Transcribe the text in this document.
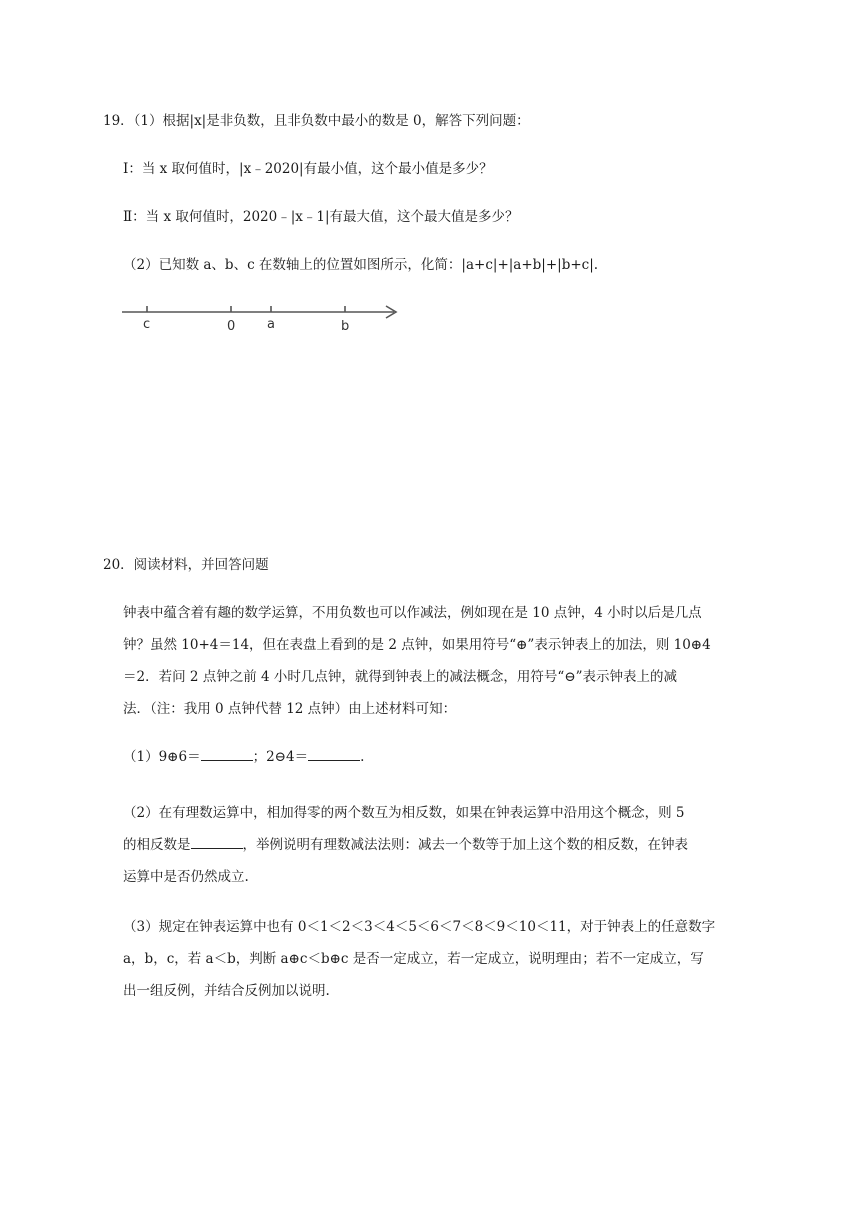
19．（1）根据|x|是非负数，且非负数中最小的数是 0，解答下列问题：
Ⅰ：当 x 取何值时，|x﹣2020|有最小值，这个最小值是多少？
Ⅱ：当 x 取何值时，2020﹣|x﹣1|有最大值，这个最大值是多少？
（2）已知数 a、b、c 在数轴上的位置如图所示，化简：|a+c|+|a+b|+|b+c|.
c	0 a	b
20．阅读材料，并回答问题
钟表中蕴含着有趣的数学运算，不用负数也可以作减法，例如现在是 10 点钟，4 小时以后是几点
钟？虽然 10+4＝14，但在表盘上看到的是 2 点钟，如果用符号“⊕”表示钟表上的加法，则 10⊕4
＝2．若问 2 点钟之前 4 小时几点钟，就得到钟表上的减法概念，用符号“⊖”表示钟表上的减
法．（注：我用 0 点钟代替 12 点钟）由上述材料可知：
（1）9⊕6＝	；2⊖4＝	.
（2）在有理数运算中，相加得零的两个数互为相反数，如果在钟表运算中沿用这个概念，则 5
的相反数是	，举例说明有理数减法法则：减去一个数等于加上这个数的相反数，在钟表
运算中是否仍然成立.
（3）规定在钟表运算中也有 0＜1＜2＜3＜4＜5＜6＜7＜8＜9＜10＜11，对于钟表上的任意数字
a，b，c，若 a＜b，判断 a⊕c＜b⊕c 是否一定成立，若一定成立，说明理由；若不一定成立，写
出一组反例，并结合反例加以说明.
